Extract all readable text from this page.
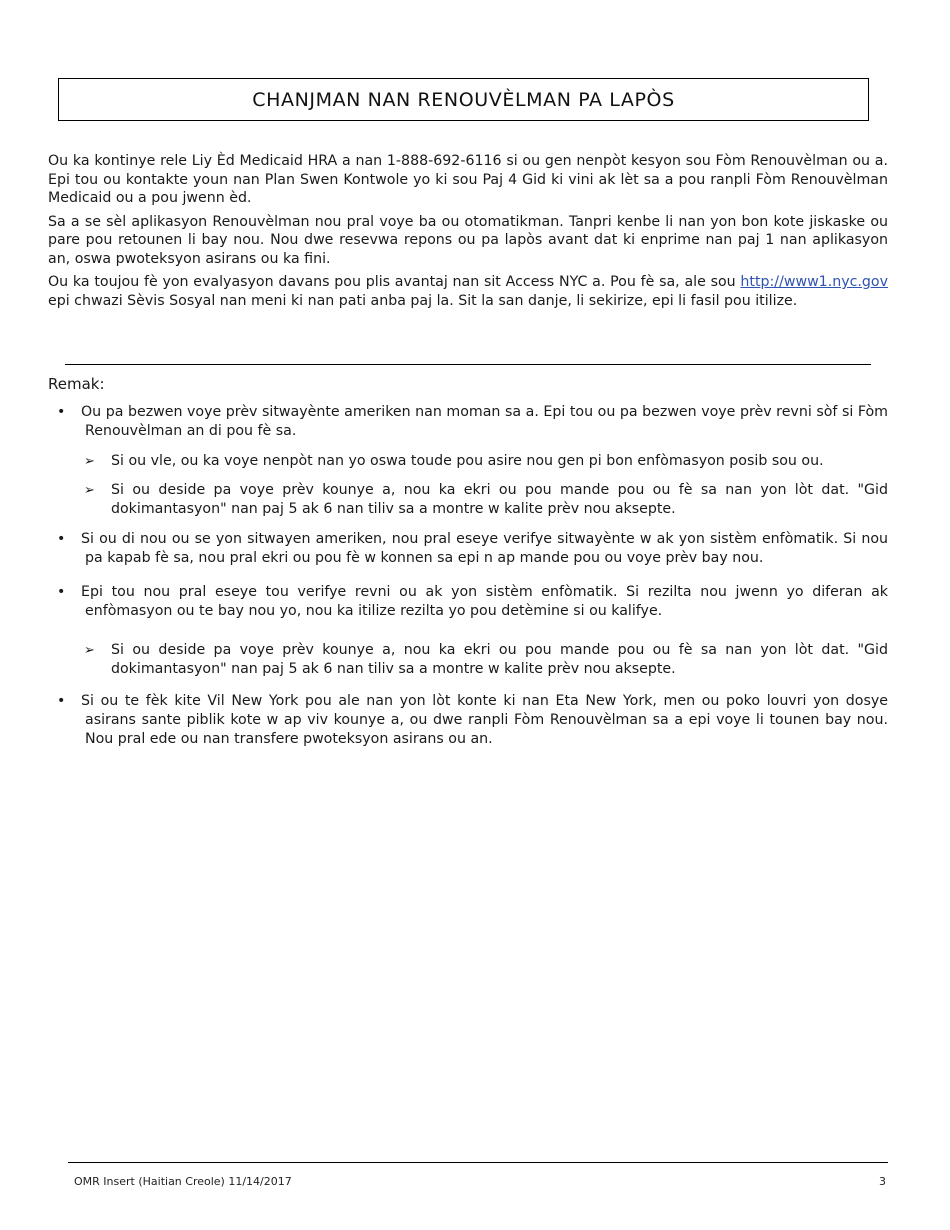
CHANJMAN NAN RENOUVÈLMAN PA LAPÒS

Ou ka kontinye rele Liy Èd Medicaid HRA a nan 1-888-692-6116 si ou gen nenpòt kesyon sou Fòm Renouvèlman ou a. Epi tou ou kontakte youn nan Plan Swen Kontwole yo ki sou Paj 4 Gid ki vini ak lèt sa a pou ranpli Fòm Renouvèlman Medicaid ou a pou jwenn èd.

Sa a se sèl aplikasyon Renouvèlman nou pral voye ba ou otomatikman. Tanpri kenbe li nan yon bon kote jiskaske ou pare pou retounen li bay nou. Nou dwe resevwa repons ou pa lapòs avant dat ki enprime nan paj 1 nan aplikasyon an, oswa pwoteksyon asirans ou ka fini.

Ou ka toujou fè yon evalyasyon davans pou plis avantaj nan sit Access NYC a. Pou fè sa, ale sou http://www1.nyc.gov epi chwazi Sèvis Sosyal nan meni ki nan pati anba paj la. Sit la san danje, li sekirize, epi li fasil pou itilize.

Remak:
• Ou pa bezwen voye prèv sitwayènte ameriken nan moman sa a. Epi tou ou pa bezwen voye prèv revni sòf si Fòm Renouvèlman an di pou fè sa.
➢ Si ou vle, ou ka voye nenpòt nan yo oswa toude pou asire nou gen pi bon enfòmasyon posib sou ou.
➢ Si ou deside pa voye prèv kounye a, nou ka ekri ou pou mande pou ou fè sa nan yon lòt dat. "Gid dokimantasyon" nan paj 5 ak 6 nan tiliv sa a montre w kalite prèv nou aksepte.
• Si ou di nou ou se yon sitwayen ameriken, nou pral eseye verifye sitwayènte w ak yon sistèm enfòmatik. Si nou pa kapab fè sa, nou pral ekri ou pou fè w konnen sa epi n ap mande pou ou voye prèv bay nou.
• Epi tou nou pral eseye tou verifye revni ou ak yon sistèm enfòmatik. Si rezilta nou jwenn yo diferan ak enfòmasyon ou te bay nou yo, nou ka itilize rezilta yo pou detèmine si ou kalifye.
➢ Si ou deside pa voye prèv kounye a, nou ka ekri ou pou mande pou ou fè sa nan yon lòt dat. "Gid dokimantasyon" nan paj 5 ak 6 nan tiliv sa a montre w kalite prèv nou aksepte.
• Si ou te fèk kite Vil New York pou ale nan yon lòt konte ki nan Eta New York, men ou poko louvri yon dosye asirans sante piblik kote w ap viv kounye a, ou dwe ranpli Fòm Renouvèlman sa a epi voye li tounen bay nou. Nou pral ede ou nan transfere pwoteksyon asirans ou an.
OMR Insert (Haitian Creole) 11/14/2017	3
